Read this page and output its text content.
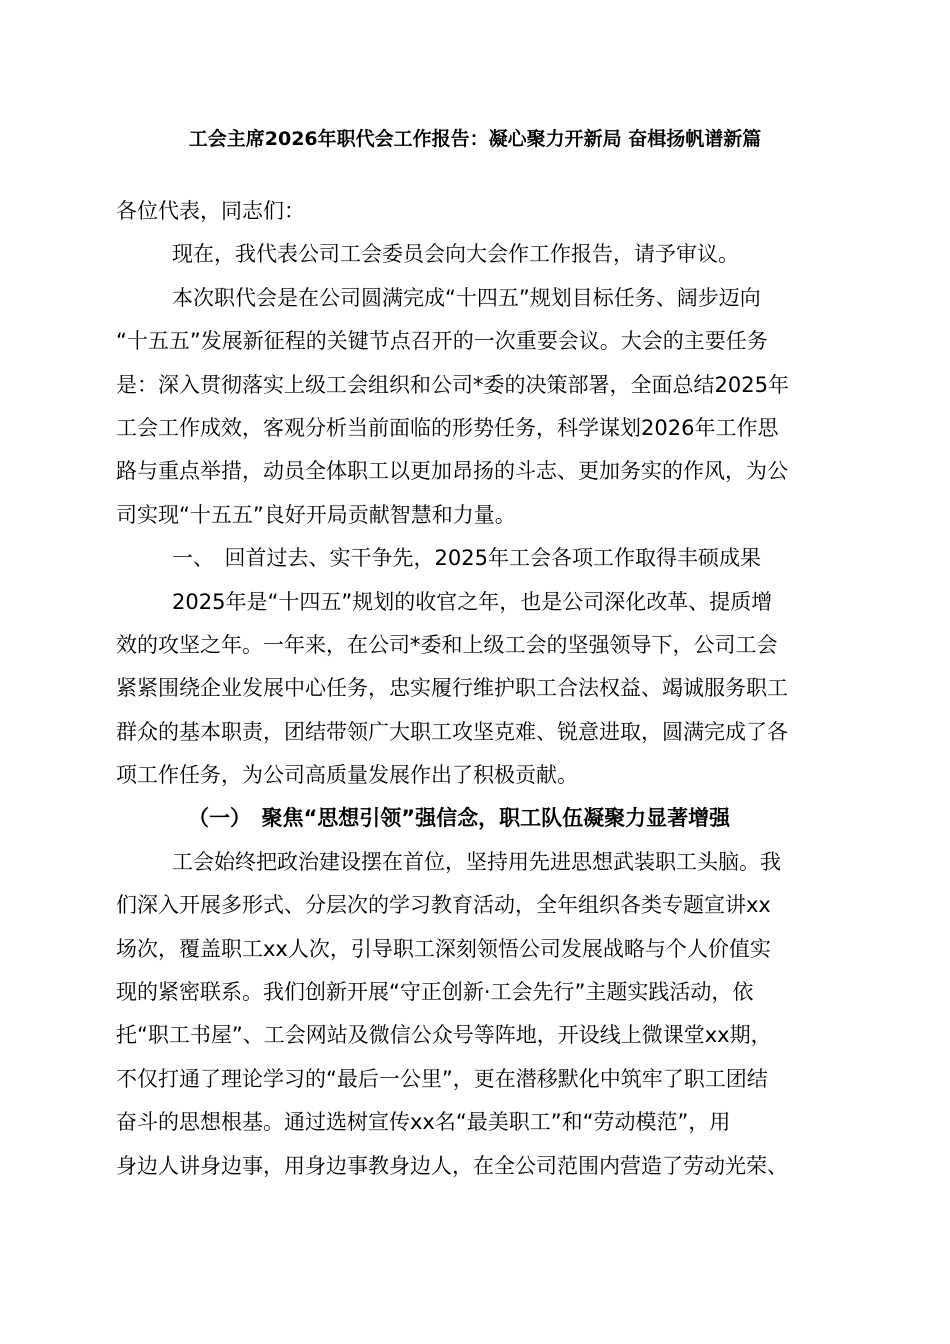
工会主席2026年职代会工作报告：凝心聚力开新局 奋楫扬帆谱新篇

各位代表，同志们：

现在，我代表公司工会委员会向大会作工作报告，请予审议。

本次职代会是在公司圆满完成“十四五”规划目标任务、阔步迈向
“十五五”发展新征程的关键节点召开的一次重要会议。大会的主要任务
是：深入贯彻落实上级工会组织和公司*委的决策部署，全面总结2025年
工会工作成效，客观分析当前面临的形势任务，科学谋划2026年工作思
路与重点举措，动员全体职工以更加昂扬的斗志、更加务实的作风，为公
司实现“十五五”良好开局贡献智慧和力量。

一、　回首过去、实干争先，2025年工会各项工作取得丰硕成果

2025年是“十四五”规划的收官之年，也是公司深化改革、提质增
效的攻坚之年。一年来，在公司*委和上级工会的坚强领导下，公司工会
紧紧围绕企业发展中心任务，忠实履行维护职工合法权益、竭诚服务职工
群众的基本职责，团结带领广大职工攻坚克难、锐意进取，圆满完成了各
项工作任务，为公司高质量发展作出了积极贡献。

（一）　聚焦“思想引领”强信念，职工队伍凝聚力显著增强

工会始终把政治建设摆在首位，坚持用先进思想武装职工头脑。我
们深入开展多形式、分层次的学习教育活动，全年组织各类专题宣讲xx
场次，覆盖职工xx人次，引导职工深刻领悟公司发展战略与个人价值实
现的紧密联系。我们创新开展“守正创新·工会先行”主题实践活动，依
托“职工书屋”、工会网站及微信公众号等阵地，开设线上微课堂xx期，
不仅打通了理论学习的“最后一公里”，更在潜移默化中筑牢了职工团结
奋斗的思想根基。通过选树宣传xx名“最美职工”和“劳动模范”，用
身边人讲身边事，用身边事教身边人，在全公司范围内营造了劳动光荣、
